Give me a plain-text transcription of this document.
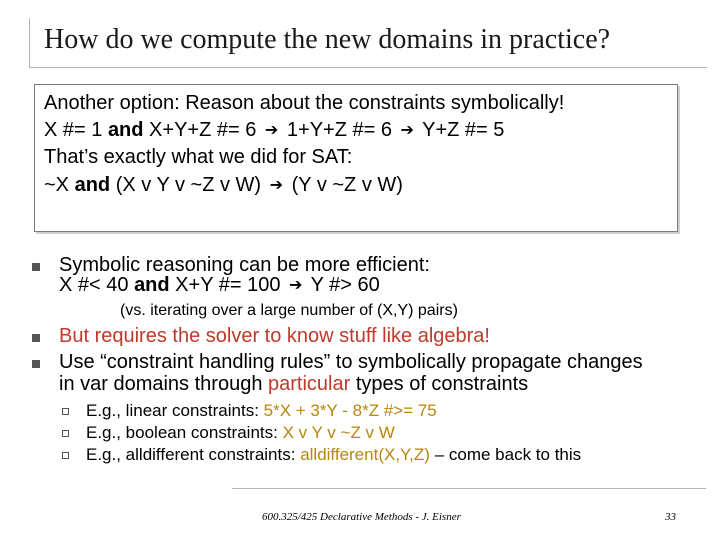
How do we compute the new domains in practice?
Another option: Reason about the constraints symbolically!
X #= 1 and X+Y+Z #= 6 ➔ 1+Y+Z #= 6 ➔ Y+Z #= 5
That’s exactly what we did for SAT:
~X and (X v Y v ~Z v W) ➔ (Y v ~Z v W)
Symbolic reasoning can be more efficient:
X #< 40 and X+Y #= 100 ➔ Y #> 60
(vs. iterating over a large number of (X,Y) pairs)
But requires the solver to know stuff like algebra!
Use “constraint handling rules” to symbolically propagate changes
in var domains through particular types of constraints
E.g., linear constraints: 5*X + 3*Y - 8*Z #>= 75
E.g., boolean constraints: X v Y v ~Z v W
E.g., alldifferent constraints: alldifferent(X,Y,Z) – come back to this
600.325/425 Declarative Methods - J. Eisner	33
